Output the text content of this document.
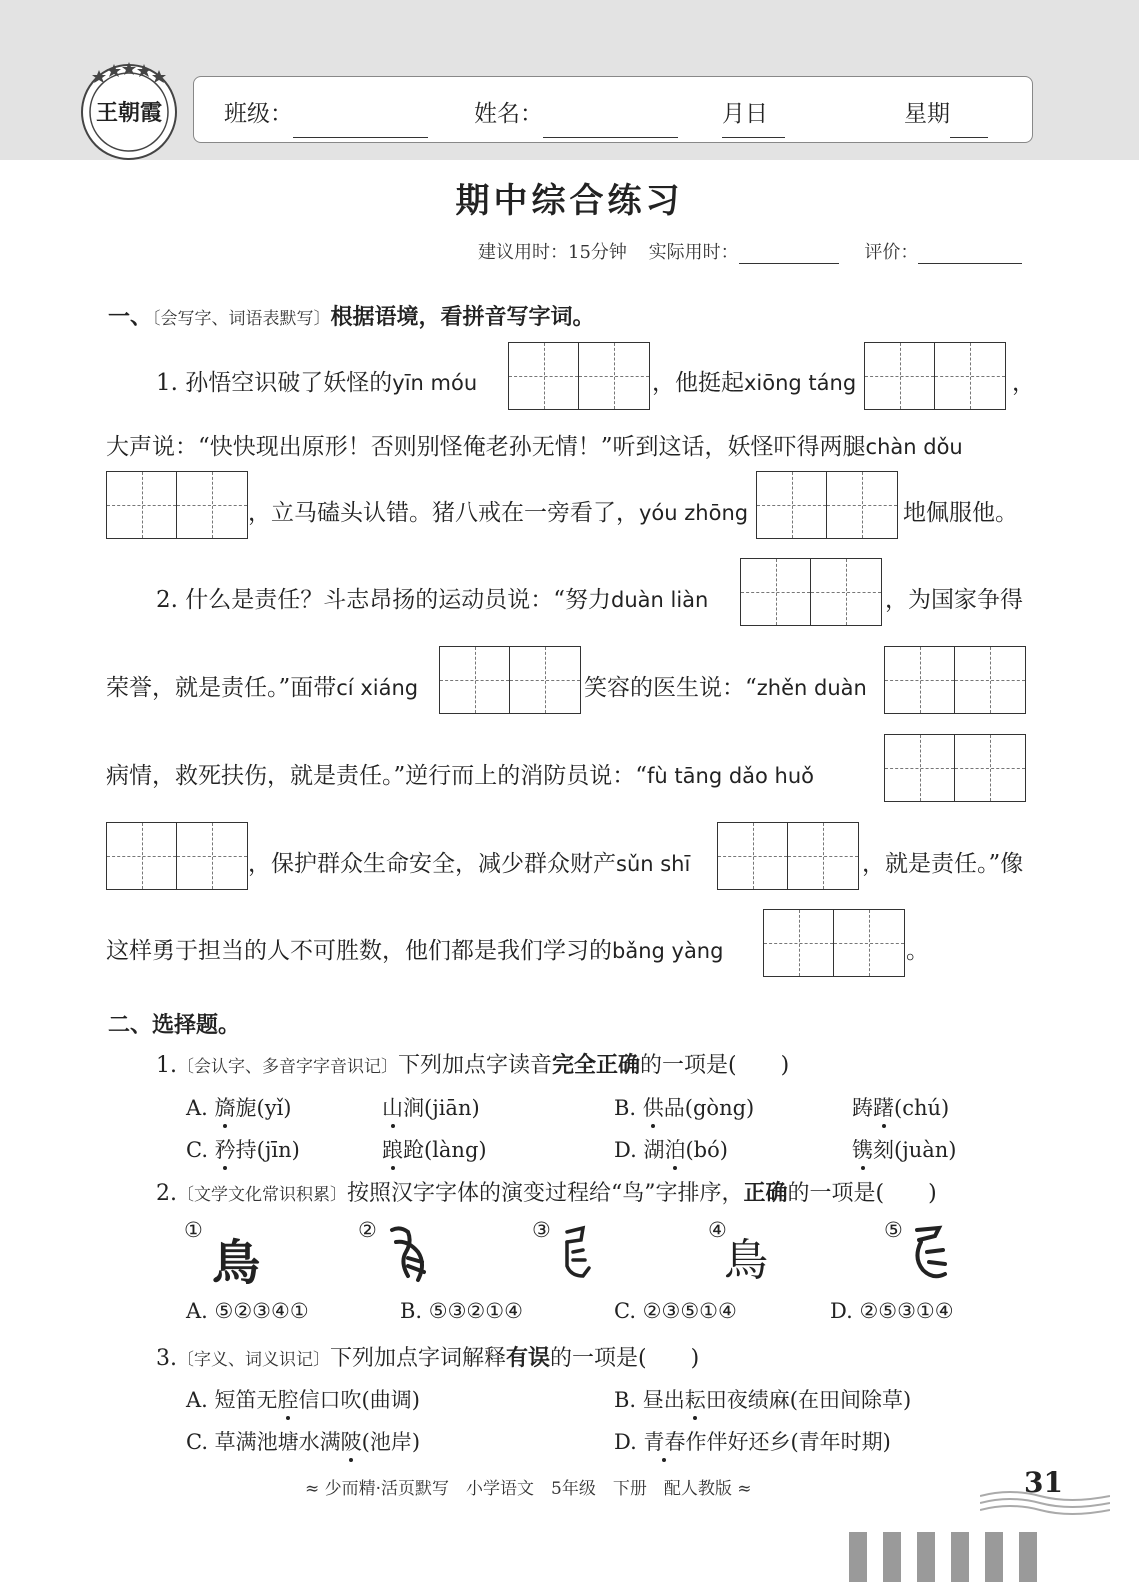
王朝霞	班级：	姓名：	月
日	星期
期中综合练习
建议用时：15分钟 实际用时：	评价：
一、〔会写字、词语表默写〕根据语境，看拼音写字词。
1. 孙悟空识破了妖怪的yīn móu	，他挺起xiōng táng	，
大声说：“快快现出原形！否则别怪俺老孙无情！”听到这话，妖怪吓得两腿chàn dǒu
，立马磕头认错。猪八戒在一旁看了，yóu zhōng	地佩服他。
2. 什么是责任？斗志昂扬的运动员说：“努力duàn liàn	，为国家争得
荣誉，就是责任。”面带cí xiáng	笑容的医生说：“zhěn duàn
病情，救死扶伤，就是责任。”逆行而上的消防员说：“fù tāng dǎo huǒ
，保护群众生命安全，减少群众财产sǔn shī	，就是责任。”像
这样勇于担当的人不可胜数，他们都是我们学习的bǎng yàng	。
二、选择题。
1.〔会认字、多音字字音识记〕下列加点字读音完全正确的一项是(　　)
A. 旖旎(yǐ)	山涧(jiān)	B. 供品(gòng)	踌躇(chú)
C. 矜持(jīn)	踉跄(làng)	D. 湖泊(bó)	镌刻(juàn)
2.〔文学文化常识积累〕按照汉字字体的演变过程给“鸟”字排序，正确的一项是(　　)
①
鳥
②	③	④
鳥
⑤
A. ⑤②③④①	B. ⑤③②①④	C. ②③⑤①④	D. ②⑤③①④
3.〔字义、词义识记〕下列加点字词解释有误的一项是(　　)
A. 短笛无腔信口吹(曲调)	B. 昼出耘田夜绩麻(在田间除草)
C. 草满池塘水满陂(池岸)	D. 青春作伴好还乡(青年时期)
≈ 少而精·活页默写　小学语文　5年级　下册　配人教版 ≈	31
